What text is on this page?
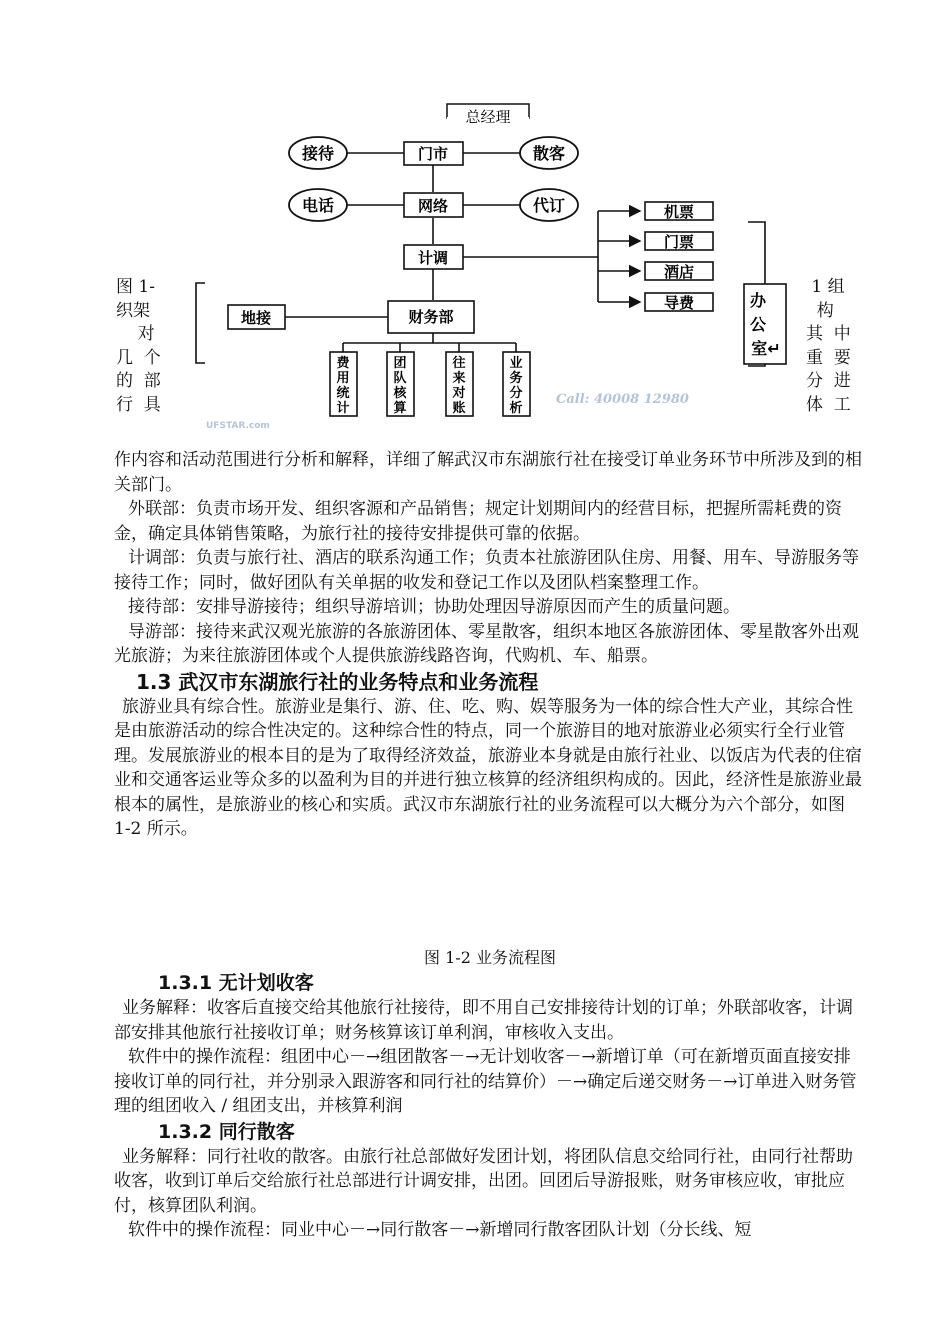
总经理
接待	散客
电话	代订
门市
网络
计调
财务部
地接
机票
门票
酒店
导费	办
公
室↵
费
用
统
计
团
队
核
算
往
来
对
账
业
务
分
析
Call: 40008 12980
UFSTAR.com
图 1-
织架
对
几  个
的  部
行  具
1 组
构
其  中
重  要
分  进
体  工

作内容和活动范围进行分析和解释，详细了解武汉市东湖旅行社在接受订单业务环节中所涉及到的相关部门。

外联部：负责市场开发、组织客源和产品销售；规定计划期间内的经营目标，把握所需耗费的资金，确定具体销售策略，为旅行社的接待安排提供可靠的依据。

计调部：负责与旅行社、酒店的联系沟通工作；负责本社旅游团队住房、用餐、用车、导游服务等接待工作；同时，做好团队有关单据的收发和登记工作以及团队档案整理工作。

接待部：安排导游接待；组织导游培训；协助处理因导游原因而产生的质量问题。

导游部：接待来武汉观光旅游的各旅游团体、零星散客，组织本地区各旅游团体、零星散客外出观光旅游；为来往旅游团体或个人提供旅游线路咨询，代购机、车、船票。

1.3 武汉市东湖旅行社的业务特点和业务流程

旅游业具有综合性。旅游业是集行、游、住、吃、购、娱等服务为一体的综合性大产业，其综合性是由旅游活动的综合性决定的。这种综合性的特点，同一个旅游目的地对旅游业必须实行全行业管理。发展旅游业的根本目的是为了取得经济效益，旅游业本身就是由旅行社业、以饭店为代表的住宿业和交通客运业等众多的以盈利为目的并进行独立核算的经济组织构成的。因此，经济性是旅游业最根本的属性，是旅游业的核心和实质。武汉市东湖旅行社的业务流程可以大概分为六个部分，如图 1-2 所示。

图 1-2 业务流程图

1.3.1 无计划收客

业务解释：收客后直接交给其他旅行社接待，即不用自己安排接待计划的订单；外联部收客，计调部安排其他旅行社接收订单；财务核算该订单利润，审核收入支出。

软件中的操作流程：组团中心－→组团散客－→无计划收客－→新增订单（可在新增页面直接安排接收订单的同行社，并分别录入跟游客和同行社的结算价）－→确定后递交财务－→订单进入财务管理的组团收入 / 组团支出，并核算利润

1.3.2 同行散客

业务解释：同行社收的散客。由旅行社总部做好发团计划，将团队信息交给同行社，由同行社帮助收客，收到订单后交给旅行社总部进行计调安排，出团。回团后导游报账，财务审核应收，审批应付，核算团队利润。

软件中的操作流程：同业中心－→同行散客－→新增同行散客团队计划（分长线、短
